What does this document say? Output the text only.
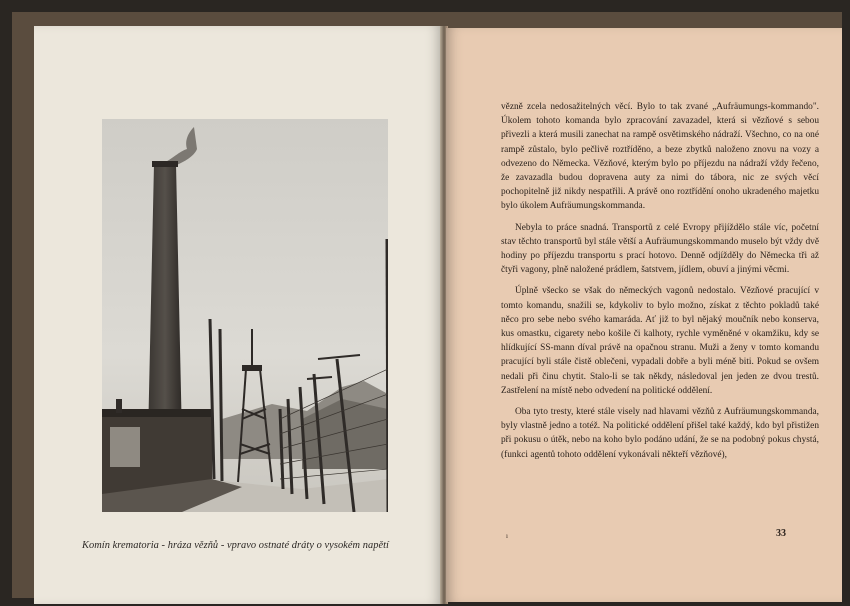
Komín krematoria - hráza vězňů - vpravo ostnaté dráty o vysokém napětí

vězně zcela nedosažitelných věcí. Bylo to tak zvané „Aufräumungs-kommando". Úkolem tohoto komanda bylo zpracování zavazadel, která si vězňové s sebou přivezli a která musili zanechat na rampě osvětimského nádraží. Všechno, co na oné rampě zůstalo, bylo pečlivě roztříděno, a beze zbytků naloženo znovu na vozy a odvezeno do Německa. Vězňové, kterým bylo po příjezdu na nádraží vždy řečeno, že zavazadla budou dopravena auty za nimi do tábora, nic ze svých věcí pochopitelně již nikdy nespatřili. A právě ono roztřídění onoho ukradeného majetku bylo úkolem Aufräumungskommanda.

Nebyla to práce snadná. Transportů z celé Evropy přijíždělo stále víc, početní stav těchto transportů byl stále větší a Aufräumungskommando muselo být vždy dvě hodiny po příjezdu transportu s prací hotovo. Denně odjížděly do Německa tři až čtyři vagony, plně naložené prádlem, šatstvem, jídlem, obuví a jinými věcmi.

Úplně všecko se však do německých vagonů nedostalo. Vězňové pracující v tomto komandu, snažili se, kdykoliv to bylo možno, získat z těchto pokladů také něco pro sebe nebo svého kamaráda. Ať již to byl nějaký moučník nebo konserva, kus omastku, cigarety nebo košile či kalhoty, rychle vyměněné v okamžiku, kdy se hlídkující SS-mann díval právě na opačnou stranu. Muži a ženy v tomto komandu pracující byli stále čistě oblečeni, vypadali dobře a byli méně biti. Pokud se ovšem nedali při činu chytit. Stalo-li se tak někdy, následoval jen jeden ze dvou trestů. Zastřelení na místě nebo odvedení na politické oddělení.

Oba tyto tresty, které stále visely nad hlavami vězňů z Aufräumungskommanda, byly vlastně jedno a totéž. Na politické oddělení přišel také každý, kdo byl přistižen při pokusu o útěk, nebo na koho bylo podáno udání, že se na podobný pokus chystá, (funkci agentů tohoto oddělení vykonávali někteří vězňové),

ı	33
